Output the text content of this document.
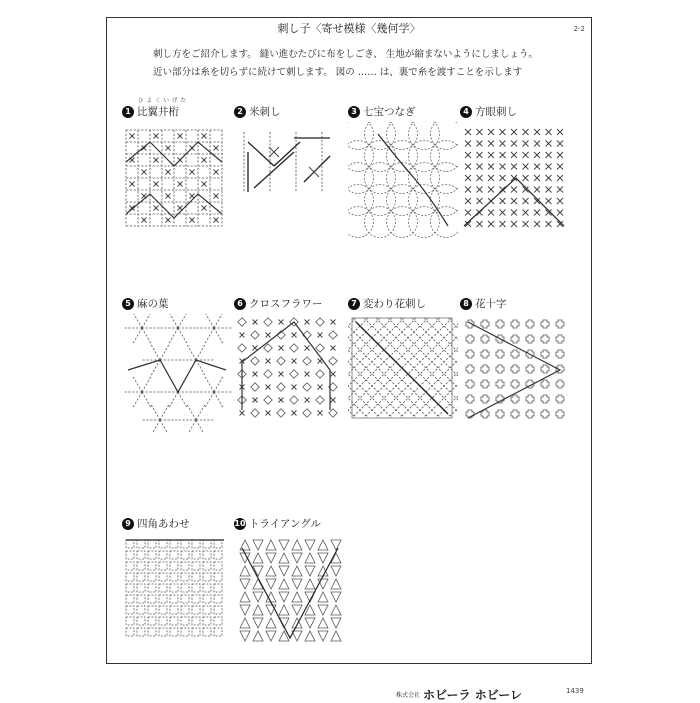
刺し子〈寄せ模様〈幾何学〉	2-2
刺し方をご紹介します。 縫い進むたびに布をしごき、 生地が縮まないようにしましょう。
近い部分は糸を切らずに続けて刺します。 図の …… は、裏で糸を渡すことを示します
ひよくいげた
1 比翼井桁	2 米刺し	3 七宝つなぎ	4 方眼刺し
5 麻の葉	6 クロスフラワー	7 変わり花刺し	8 花十字
9 四角あわせ	10 トライアングル
株式会社 ホビーラ ホビーレ	1439
